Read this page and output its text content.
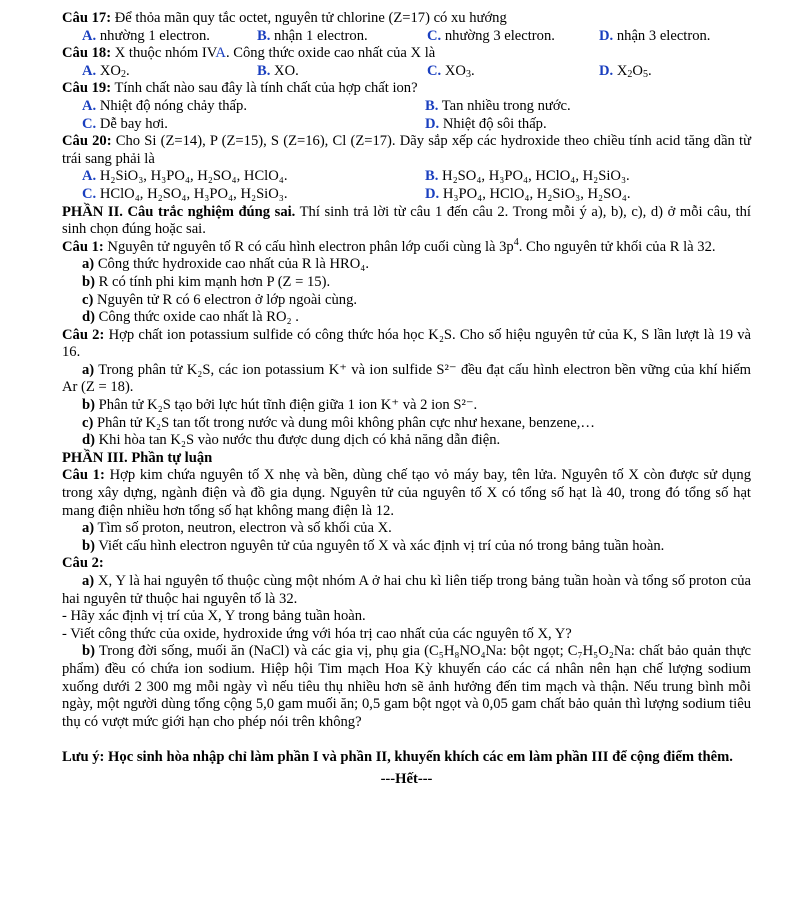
Câu 17: Để thỏa mãn quy tắc octet, nguyên tử chlorine (Z=17) có xu hướng
A. nhường 1 electron.	B. nhận 1 electron.	C. nhường 3 electron.	D. nhận 3 electron.
Câu 18: X thuộc nhóm IVA. Công thức oxide cao nhất của X là
A. $XO_2$.	B. XO.	C. $XO_3$.	D. $X_2O_5$.
Câu 19: Tính chất nào sau đây là tính chất của hợp chất ion?
A. Nhiệt độ nóng chảy thấp.	B. Tan nhiều trong nước.
C. Dễ bay hơi.	D. Nhiệt độ sôi thấp.
Câu 20: Cho Si (Z=14), P (Z=15), S (Z=16), Cl (Z=17). Dãy sắp xếp các hydroxide theo chiều tính acid tăng dần từ trái sang phải là
A. H₂SiO₃, H₃PO₄, H₂SO₄, HClO₄.	B. H₂SO₄, H₃PO₄, HClO₄, H₂SiO₃.
C. HClO₄, H₂SO₄, H₃PO₄, H₂SiO₃.	D. H₃PO₄, HClO₄, H₂SiO₃, H₂SO₄.
PHẦN II. Câu trắc nghiệm đúng sai. Thí sinh trả lời từ câu 1 đến câu 2. Trong mỗi ý a), b), c), d) ở mỗi câu, thí sinh chọn đúng hoặc sai.
Câu 1: Nguyên tử nguyên tố R có cấu hình electron phân lớp cuối cùng là $3p^4$. Cho nguyên tử khối của R là 32.
a) Công thức hydroxide cao nhất của R là HRO₄.
b) R có tính phi kim mạnh hơn P (Z = 15).
c) Nguyên tử R có 6 electron ở lớp ngoài cùng.
d) Công thức oxide cao nhất là RO₂ .
Câu 2: Hợp chất ion potassium sulfide có công thức hóa học K₂S. Cho số hiệu nguyên tử của K, S lần lượt là 19 và 16.
a) Trong phân tử K₂S, các ion potassium K⁺ và ion sulfide S²⁻ đều đạt cấu hình electron bền vững của khí hiếm Ar (Z = 18).
b) Phân tử K₂S tạo bởi lực hút tĩnh điện giữa 1 ion K⁺ và 2 ion S²⁻.
c) Phân tử K₂S tan tốt trong nước và dung môi không phân cực như hexane, benzene,…
d) Khi hòa tan K₂S vào nước thu được dung dịch có khả năng dẫn điện.
PHẦN III. Phần tự luận
Câu 1: Hợp kim chứa nguyên tố X nhẹ và bền, dùng chế tạo vỏ máy bay, tên lửa. Nguyên tố X còn được sử dụng trong xây dựng, ngành điện và đồ gia dụng. Nguyên tử của nguyên tố X có tổng số hạt là 40, trong đó tổng số hạt mang điện nhiều hơn tổng số hạt không mang điện là 12.
a) Tìm số proton, neutron, electron và số khối của X.
b) Viết cấu hình electron nguyên tử của nguyên tố X và xác định vị trí của nó trong bảng tuần hoàn.
Câu 2:
a) X, Y là hai nguyên tố thuộc cùng một nhóm A ở hai chu kì liên tiếp trong bảng tuần hoàn và tổng số proton của hai nguyên tử thuộc hai nguyên tố là 32.
- Hãy xác định vị trí của X, Y trong bảng tuần hoàn.
- Viết công thức của oxide, hydroxide ứng với hóa trị cao nhất của các nguyên tố X, Y?
b) Trong đời sống, muối ăn (NaCl) và các gia vị, phụ gia (C₅H₈NO₄Na: bột ngọt; C₇H₅O₂Na: chất bảo quản thực phẩm) đều có chứa ion sodium. Hiệp hội Tim mạch Hoa Kỳ khuyến cáo các cá nhân nên hạn chế lượng sodium xuống dưới 2 300 mg mỗi ngày vì nếu tiêu thụ nhiều hơn sẽ ảnh hưởng đến tim mạch và thận. Nếu trung bình mỗi ngày, một người dùng tổng cộng 5,0 gam muối ăn; 0,5 gam bột ngọt và 0,05 gam chất bảo quản thì lượng sodium tiêu thụ có vượt mức giới hạn cho phép nói trên không?
Lưu ý: Học sinh hòa nhập chỉ làm phần I và phần II, khuyến khích các em làm phần III để cộng điểm thêm.
---Hết---
